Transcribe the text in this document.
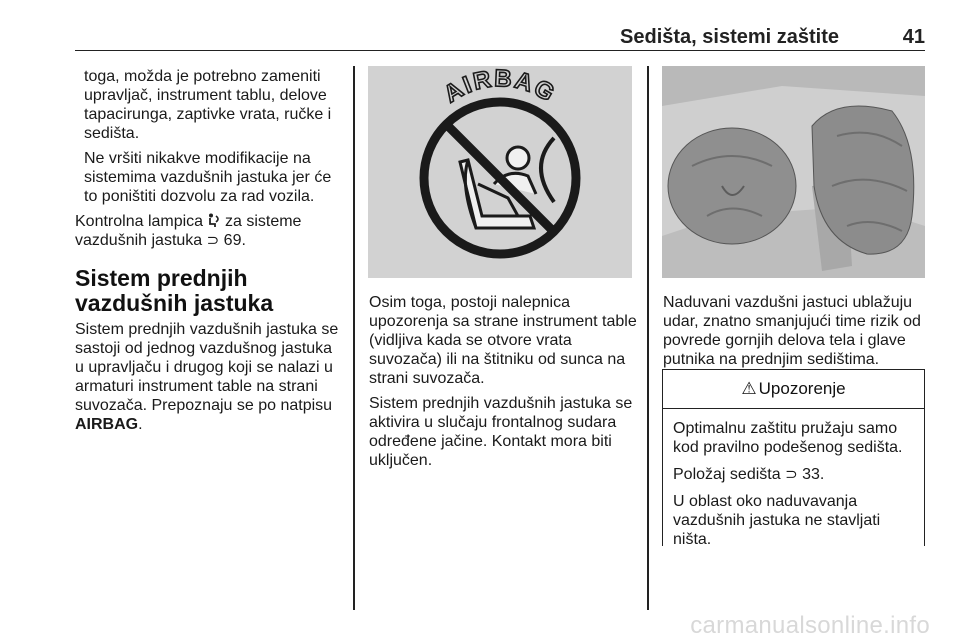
Sedišta, sistemi zaštite	41

toga, možda je potrebno zameniti upravljač, instrument tablu, delove tapacirunga, zaptivke vrata, ručke i sedišta.

Ne vršiti nikakve modifikacije na sistemima vazdušnih jastuka jer će to poništiti dozvolu za rad vozila.

Kontrolna lampica za sisteme vazdušnih jastuka ⊃ 69.

Sistem prednjih vazdušnih jastuka

Sistem prednjih vazdušnih jastuka se sastoji od jednog vazdušnog jastuka u upravljaču i drugog koji se nalazi u armaturi instrument table na strani suvozača. Prepoznaju se po natpisu AIRBAG.

AIRBAG

Osim toga, postoji nalepnica upozorenja sa strane instrument table (vidljiva kada se otvore vrata suvozača) ili na štitniku od sunca na strani suvozača.

Sistem prednjih vazdušnih jastuka se aktivira u slučaju frontalnog sudara određene jačine. Kontakt mora biti uključen.

Naduvani vazdušni jastuci ublažuju udar, znatno smanjujući time rizik od povrede gornjih delova tela i glave putnika na prednjim sedištima.

⚠ Upozorenje

Optimalnu zaštitu pružaju samo kod pravilno podešenog sedišta.

Položaj sedišta ⊃ 33.

U oblast oko naduvavanja vazdušnih jastuka ne stavljati ništa.

carmanualsonline.info
